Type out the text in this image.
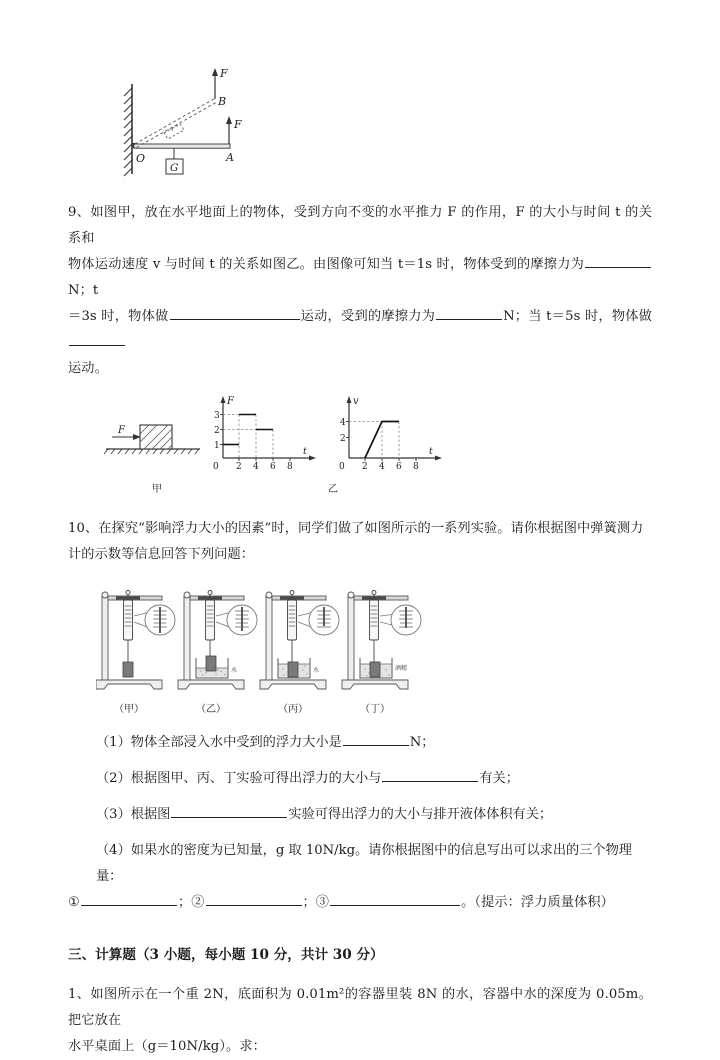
F
B
F
A
O
G

9、如图甲，放在水平地面上的物体，受到方向不变的水平推力 F 的作用，F 的大小与时间 t 的关系和

物体运动速度 v 与时间 t 的关系如图乙。由图像可知当 t＝1s 时，物体受到的摩擦力为N；t

＝3s 时，物体做	运动，受到的摩擦力为	N；当 t＝5s 时，物体做

运动。

F
F
t
1
2
3
0 2 4 6 8
v
t
2
4
0 2 4 6 8
甲	乙

10、在探究“影响浮力大小的因素”时，同学们做了如图所示的一系列实验。请你根据图中弹簧测力

计的示数等信息回答下列问题：

水	水	酒精
（甲）	（乙）	（丙）	（丁）

（1）物体全部浸入水中受到的浮力大小是	N；

（2）根据图甲、丙、丁实验可得出浮力的大小与	有关；

（3）根据图	实验可得出浮力的大小与排开液体体积有关；

（4）如果水的密度为已知量，g 取 10N/kg。请你根据图中的信息写出可以求出的三个物理量：

①	；②	；③	。（提示：浮力质量体积）

三、计算题（3 小题，每小题 10 分，共计 30 分）

1、如图所示在一个重 2N，底面积为 0.01m²的容器里装 8N 的水，容器中水的深度为 0.05m。把它放在

水平桌面上（g＝10N/kg）。求：
